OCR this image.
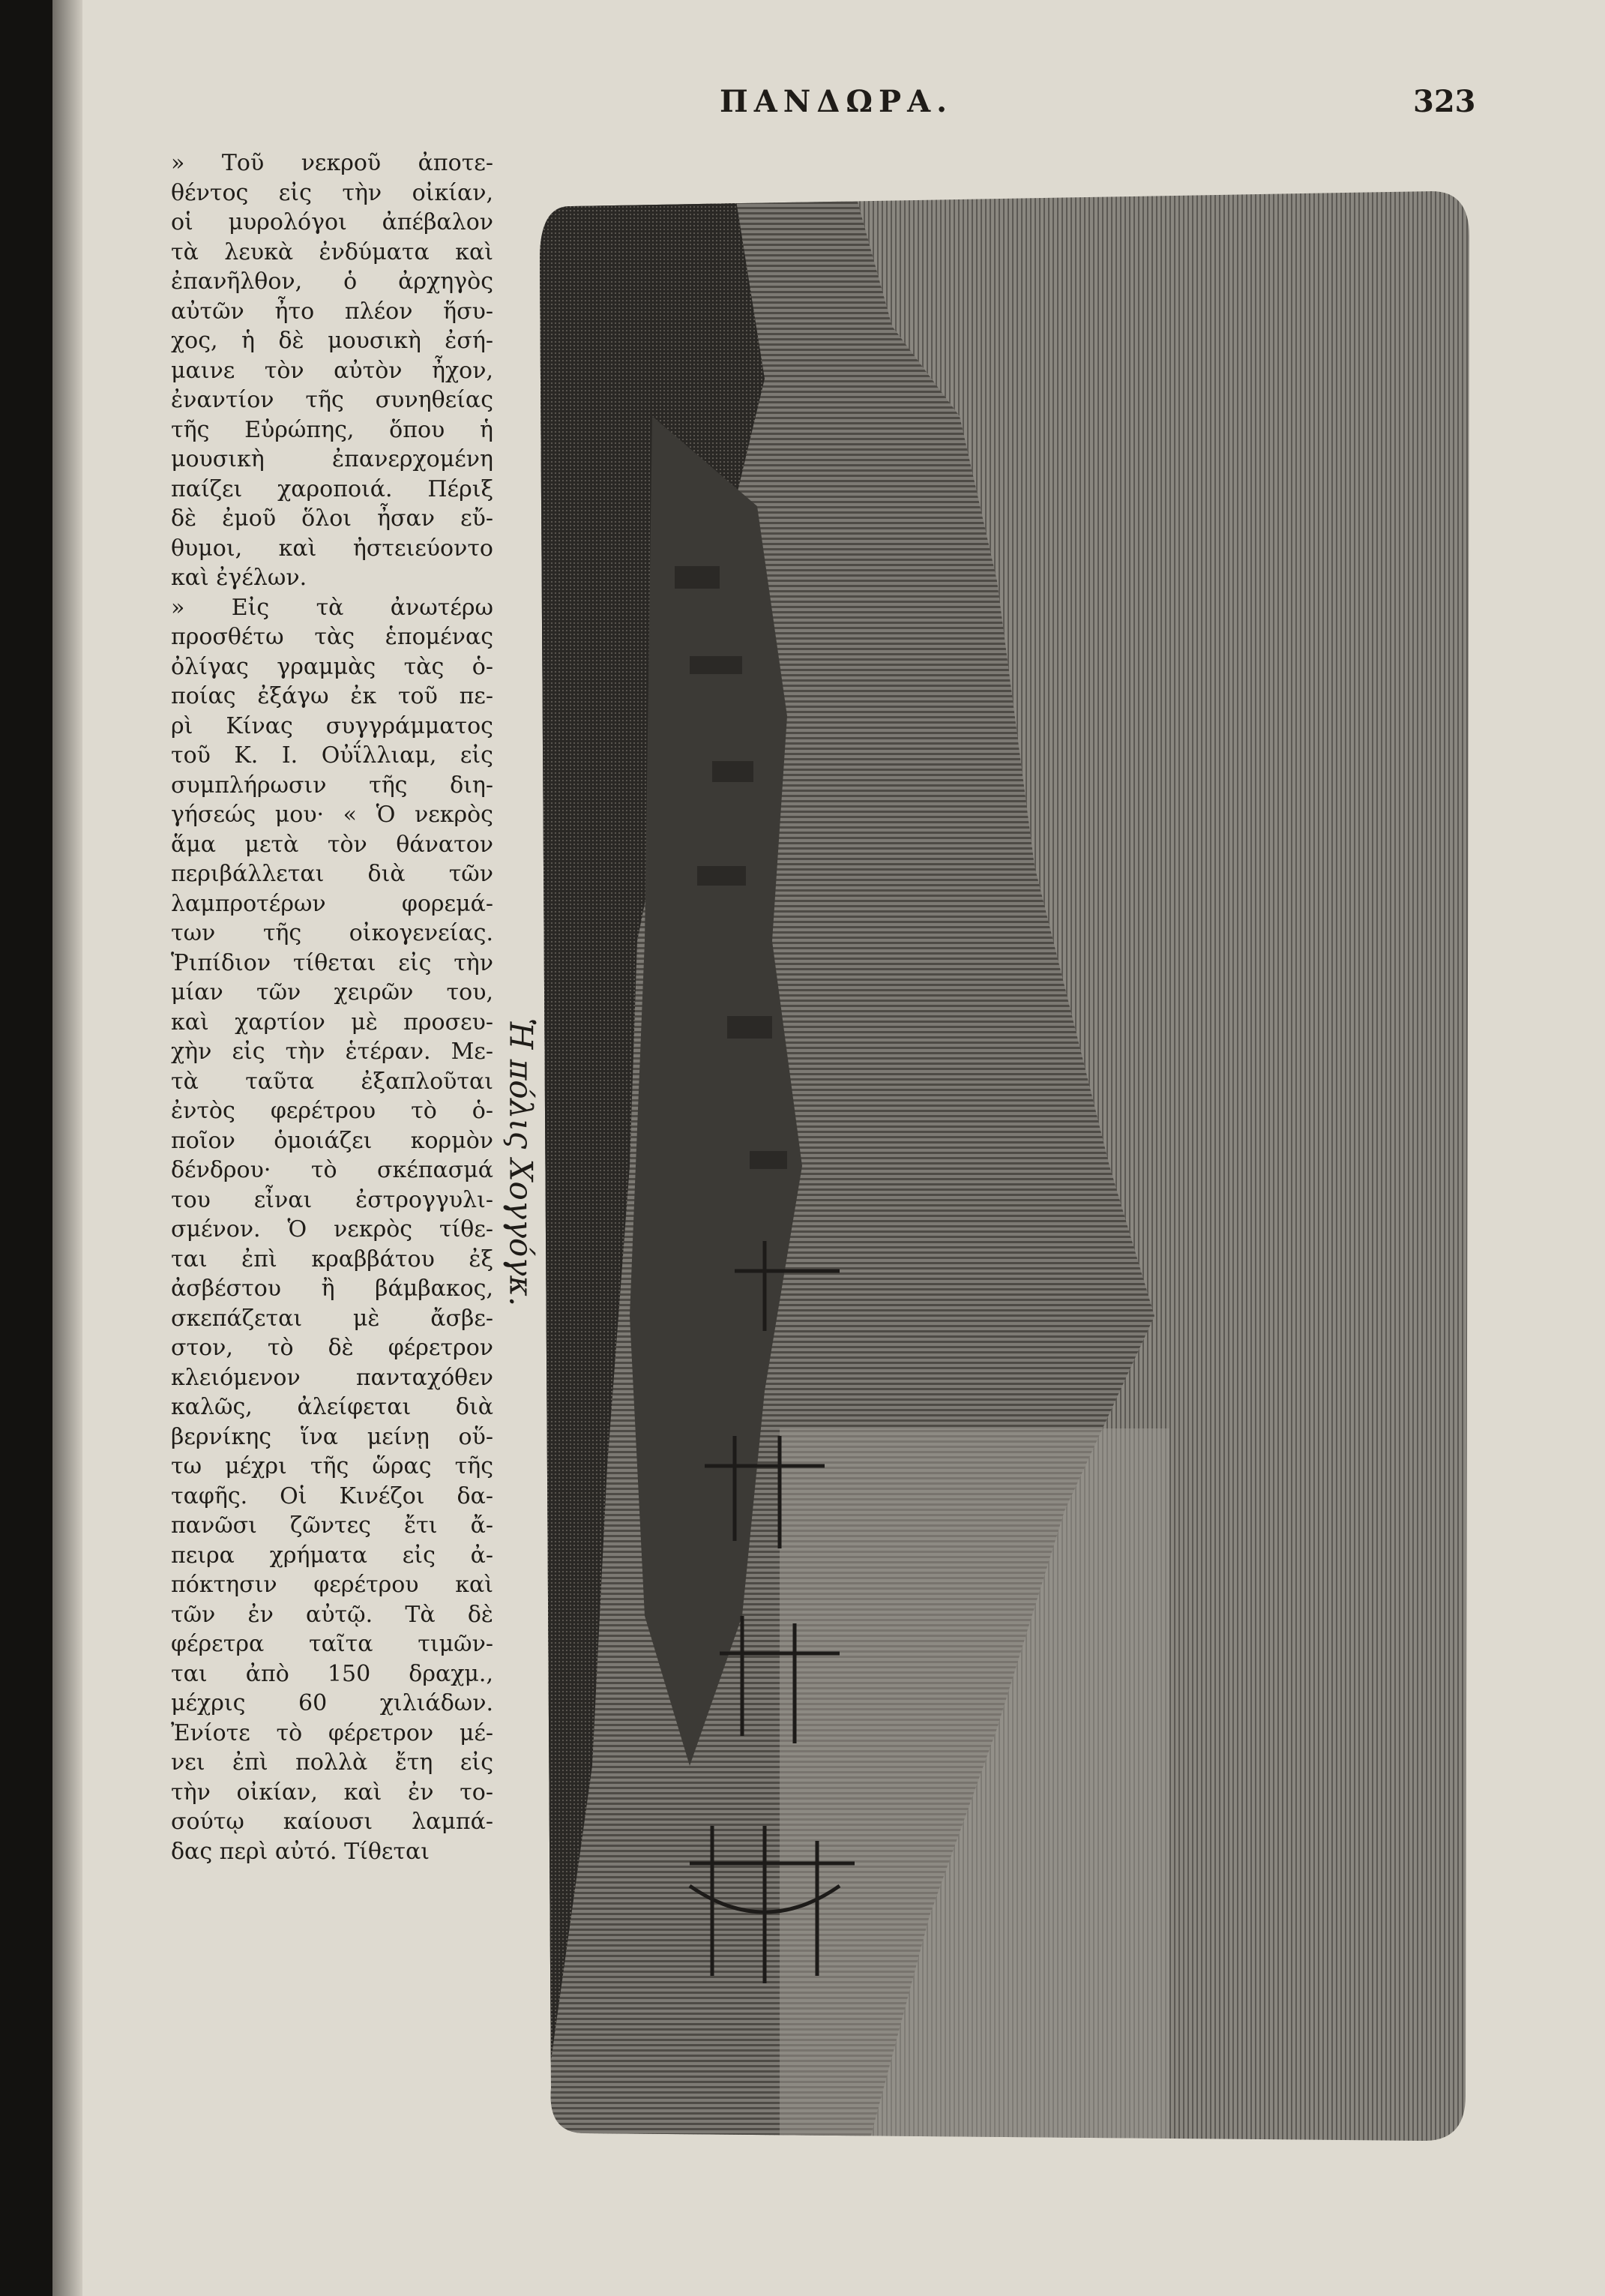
ΠΑΝΔΩΡΑ.	323
» Τοῦ νεκροῦ ἀποτε-
θέντος εἰς τὴν οἰκίαν,
οἱ μυρολόγοι ἀπέβαλον
τὰ λευκὰ ἐνδύματα καὶ
ἐπανῆλθον, ὁ ἀρχηγὸς
αὐτῶν ἦτο πλέον ἥσυ-
χος, ἡ δὲ μουσικὴ ἐσή-
μαινε τὸν αὐτὸν ἦχον,
ἐναντίον τῆς συνηθείας
τῆς Εὐρώπης, ὅπου ἡ
μουσικὴ ἐπανερχομένη
παίζει χαροποιά. Πέριξ
δὲ ἐμοῦ ὅλοι ἦσαν εὔ-
θυμοι, καὶ ἠστειεύοντο
καὶ ἐγέλων.
» Εἰς τὰ ἀνωτέρω
προσθέτω τὰς ἑπομένας
ὀλίγας γραμμὰς τὰς ὁ-
ποίας ἐξάγω ἐκ τοῦ πε-
ρὶ Κίνας συγγράμματος
τοῦ Κ. Ι. Οὐΐλλιαμ, εἰς
συμπλήρωσιν τῆς διη-
γήσεώς μου· « Ὁ νεκρὸς
ἅμα μετὰ τὸν θάνατον
περιβάλλεται διὰ τῶν
λαμπροτέρων φορεμά-
των τῆς οἰκογενείας.
Ῥιπίδιον τίθεται εἰς τὴν
μίαν τῶν χειρῶν του,
καὶ χαρτίον μὲ προσευ-
χὴν εἰς τὴν ἑτέραν. Με-
τὰ ταῦτα ἐξαπλοῦται
ἐντὸς φερέτρου τὸ ὁ-
ποῖον ὁμοιάζει κορμὸν
δένδρου· τὸ σκέπασμά
του εἶναι ἐστρογγυλι-
σμένον. Ὁ νεκρὸς τίθε-
ται ἐπὶ κραββάτου ἐξ
ἀσβέστου ἢ βάμβακος,
σκεπάζεται μὲ ἄσβε-
στον, τὸ δὲ φέρετρον
κλειόμενον πανταχόθεν
καλῶς, ἀλείφεται διὰ
βερνίκης ἵνα μείνῃ οὕ-
τω μέχρι τῆς ὥρας τῆς
ταφῆς. Οἱ Κινέζοι δα-
πανῶσι ζῶντες ἔτι ἄ-
πειρα χρήματα εἰς ἀ-
πόκτησιν φερέτρου καὶ
τῶν ἐν αὐτῷ. Τὰ δὲ
φέρετρα ταῖτα τιμῶν-
ται ἀπὸ 150 δραχμ.,
μέχρις 60 χιλιάδων.
Ἐνίοτε τὸ φέρετρον μέ-
νει ἐπὶ πολλὰ ἔτη εἰς
τὴν οἰκίαν, καὶ ἐν το-
σούτῳ καίουσι λαμπά-
δας περὶ αὐτό. Τίθεται
Ἡ πόλις Χογγόγκ.
